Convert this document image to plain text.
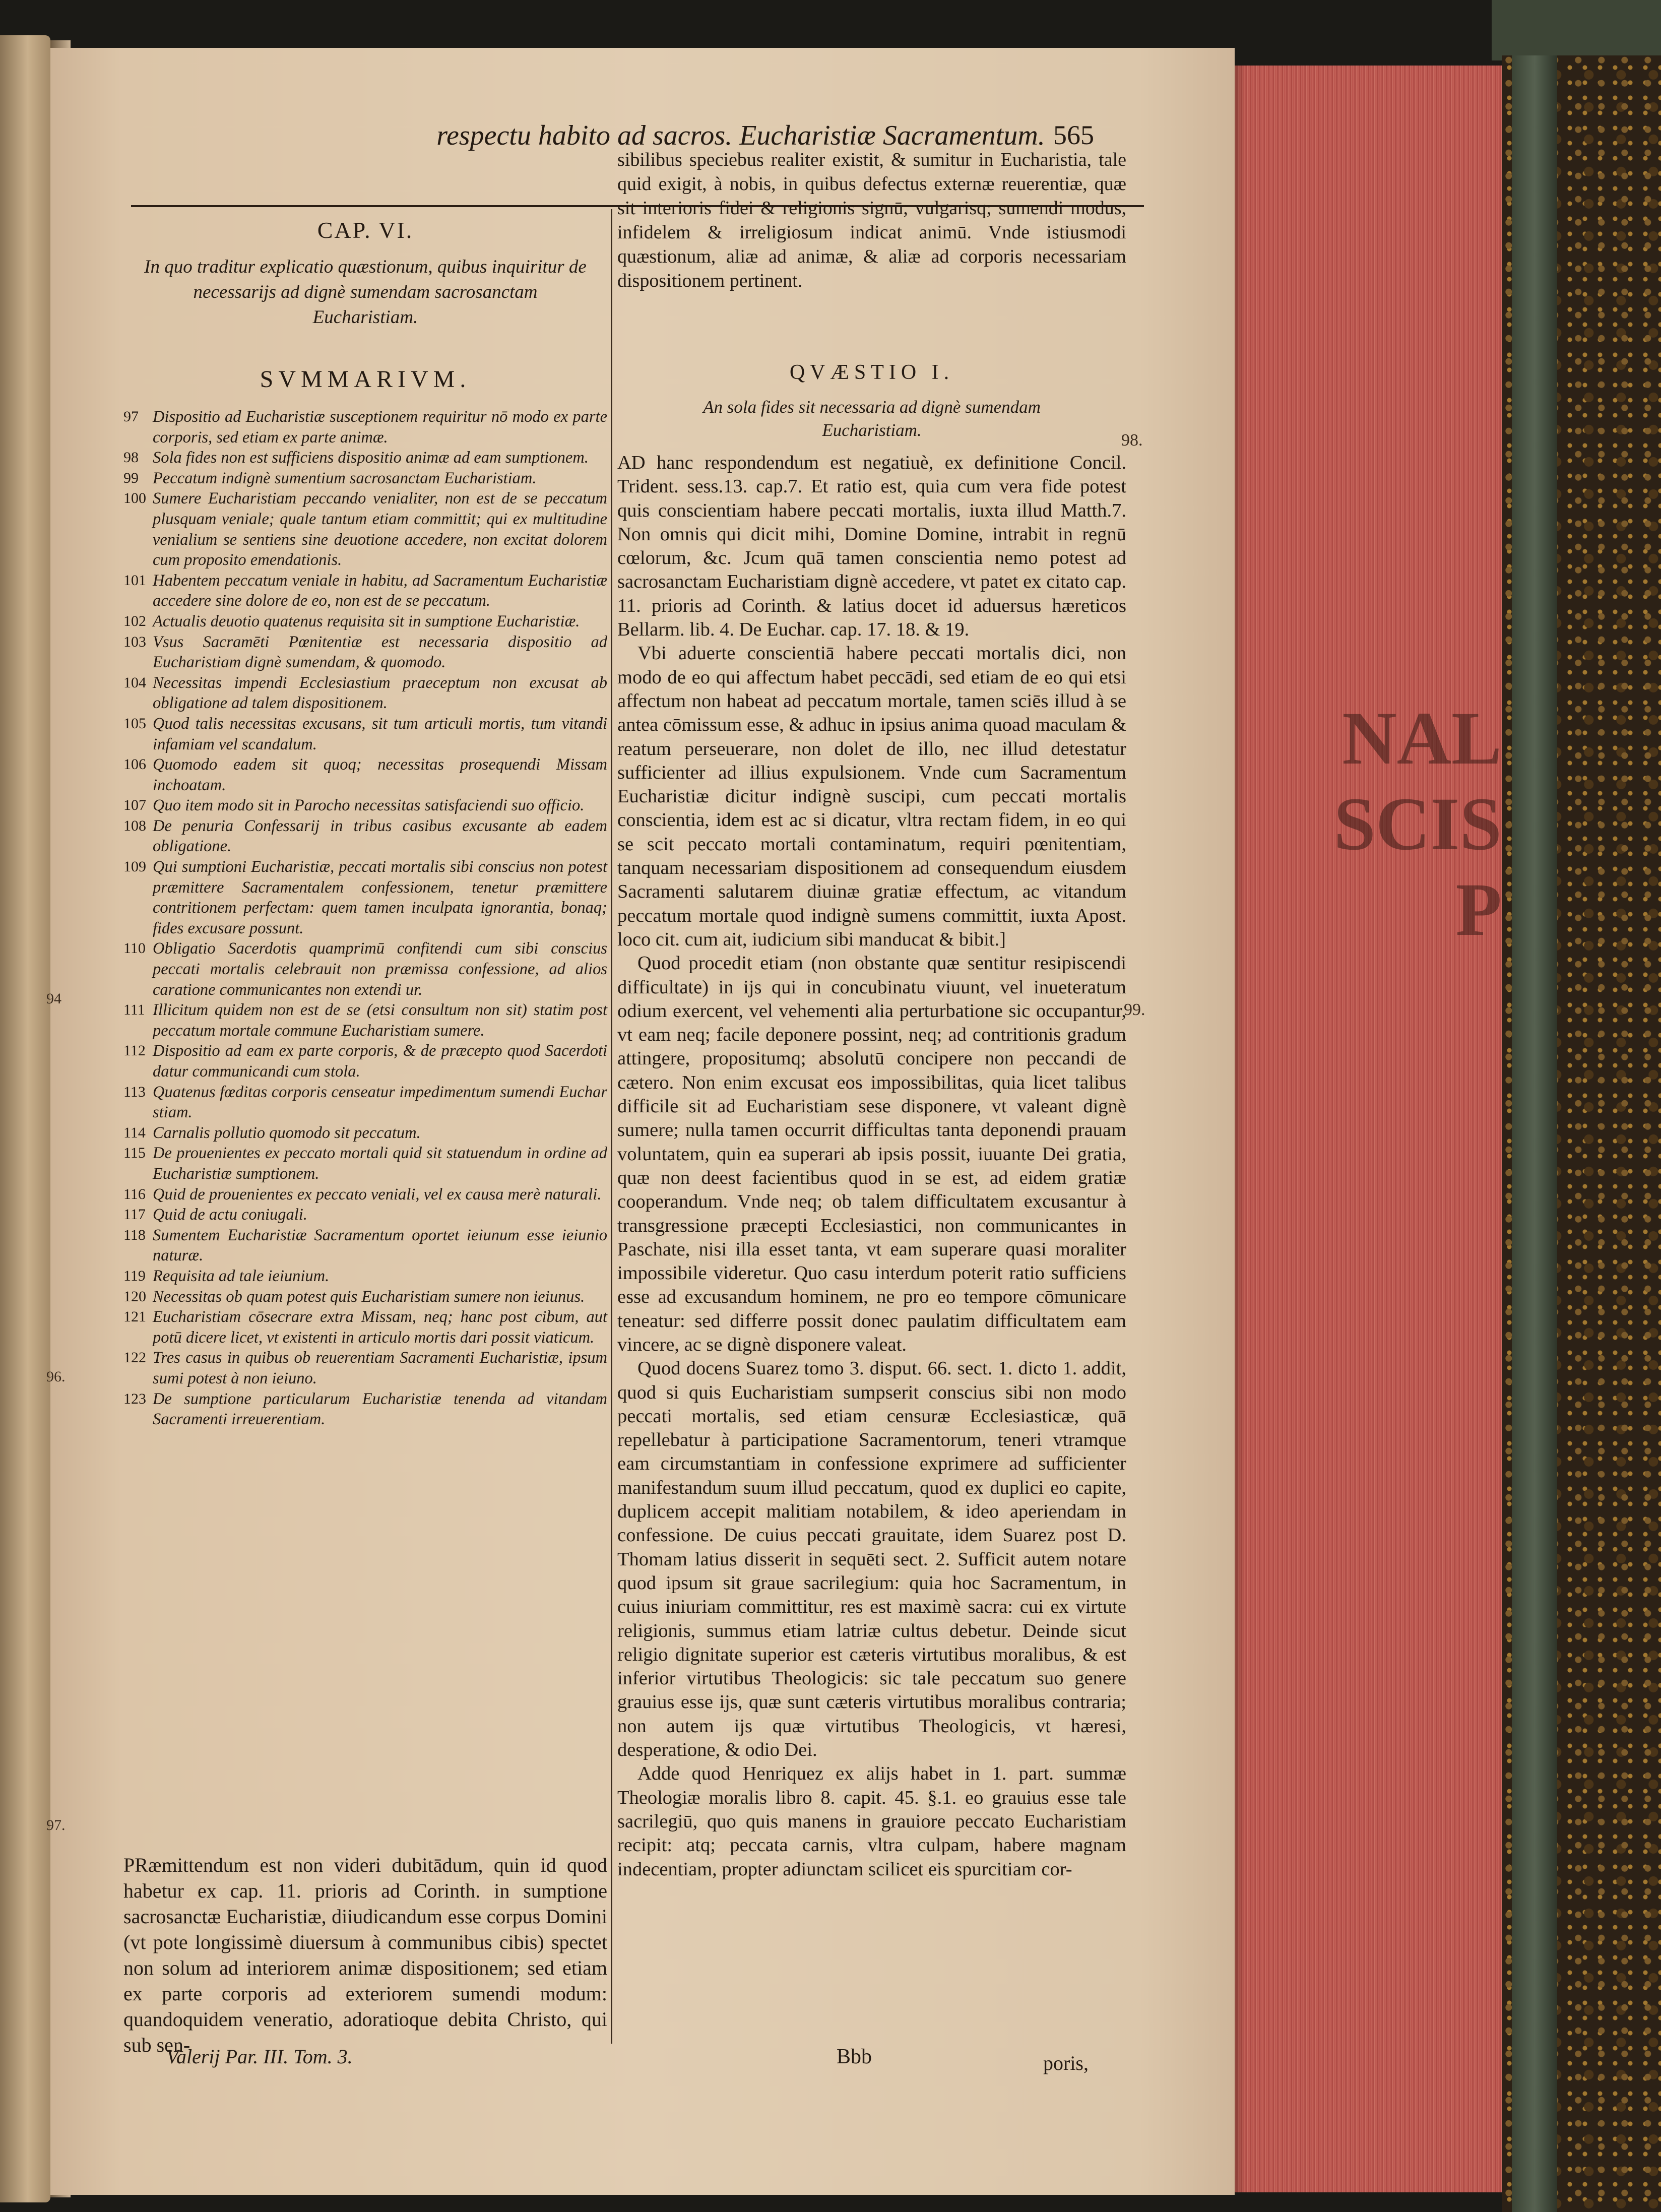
NAL
SCIS
P
respectu habito ad sacros. Eucharistiæ Sacramentum. 565
CAP. VI.
In quo traditur explicatio quæstionum, quibus inquiritur de necessarijs ad dignè sumendam sacrosanctam Eucharistiam.
SVMMARIVM.
97 Dispositio ad Eucharistiæ susceptionem requiritur nō modo ex parte corporis, sed etiam ex parte animæ.
98 Sola fides non est sufficiens dispositio animæ ad eam sumptionem.
99 Peccatum indignè sumentium sacrosanctam Eucharistiam.
100 Sumere Eucharistiam peccando venialiter, non est de se peccatum plusquam veniale; quale tantum etiam committit; qui ex multitudine venialium se sentiens sine deuotione accedere, non excitat dolorem cum proposito emendationis.
101 Habentem peccatum veniale in habitu, ad Sacramentum Eucharistiæ accedere sine dolore de eo, non est de se peccatum.
102 Actualis deuotio quatenus requisita sit in sumptione Eucharistiæ.
103 Vsus Sacramēti Pœnitentiæ est necessaria dispositio ad Eucharistiam dignè sumendam, & quomodo.
104 Necessitas impendi Ecclesiastium praeceptum non excusat ab obligatione ad talem dispositionem.
105 Quod talis necessitas excusans, sit tum articuli mortis, tum vitandi infamiam vel scandalum.
106 Quomodo eadem sit quoq; necessitas prosequendi Missam inchoatam.
107 Quo item modo sit in Parocho necessitas satisfaciendi suo officio.
108 De penuria Confessarij in tribus casibus excusante ab eadem obligatione.
109 Qui sumptioni Eucharistiæ, peccati mortalis sibi conscius non potest præmittere Sacramentalem confessionem, tenetur præmittere contritionem perfectam: quem tamen inculpata ignorantia, bonaq; fides excusare possunt.
110 Obligatio Sacerdotis quamprimū confitendi cum sibi conscius peccati mortalis celebrauit non præmissa confessione, ad alios caratione communicantes non extendi ur.
111 Illicitum quidem non est de se (etsi consultum non sit) statim post peccatum mortale commune Eucharistiam sumere.
112 Dispositio ad eam ex parte corporis, & de præcepto quod Sacerdoti datur communicandi cum stola.
113 Quatenus fœditas corporis censeatur impedimentum sumendi Euchar stiam.
114 Carnalis pollutio quomodo sit peccatum.
115 De prouenientes ex peccato mortali quid sit statuendum in ordine ad Eucharistiæ sumptionem.
116 Quid de prouenientes ex peccato veniali, vel ex causa merè naturali.
117 Quid de actu coniugali.
118 Sumentem Eucharistiæ Sacramentum oportet ieiunum esse ieiunio naturæ.
119 Requisita ad tale ieiunium.
120 Necessitas ob quam potest quis Eucharistiam sumere non ieiunus.
121 Eucharistiam cōsecrare extra Missam, neq; hanc post cibum, aut potū dicere licet, vt existenti in articulo mortis dari possit viaticum.
122 Tres casus in quibus ob reuerentiam Sacramenti Eucharistiæ, ipsum sumi potest à non ieiuno.
123 De sumptione particularum Eucharistiæ tenenda ad vitandam Sacramenti irreuerentiam.
PRæmittendum est non videri dubitādum, quin id quod habetur ex cap. 11. prioris ad Corinth. in sumptione sacrosanctæ Eucharistiæ, diiudicandum esse corpus Domini (vt pote longissimè diuersum à communibus cibis) spectet non solum ad interiorem animæ dispositionem; sed etiam ex parte corporis ad exteriorem sumendi modum: quandoquidem veneratio, adoratioque debita Christo, qui sub sen-
sibilibus speciebus realiter existit, & sumitur in Eucharistia, tale quid exigit, à nobis, in quibus defectus externæ reuerentiæ, quæ sit interioris fidei & religionis signū, vulgarisq; sumendi modus, infidelem & irreligiosum indicat animū. Vnde istiusmodi quæstionum, aliæ ad animæ, & aliæ ad corporis necessariam dispositionem pertinent.
QVÆSTIO I.
An sola fides sit necessaria ad dignè sumendam Eucharistiam.

AD hanc respondendum est negatiuè, ex definitione Concil. Trident. sess.13. cap.7. Et ratio est, quia cum vera fide potest quis conscientiam habere peccati mortalis, iuxta illud Matth.7. Non omnis qui dicit mihi, Domine Domine, intrabit in regnū cœlorum, &c. Jcum quā tamen conscientia nemo potest ad sacrosanctam Eucharistiam dignè accedere, vt patet ex citato cap. 11. prioris ad Corinth. & latius docet id aduersus hæreticos Bellarm. lib. 4. De Euchar. cap. 17. 18. & 19.

Vbi aduerte conscientiā habere peccati mortalis dici, non modo de eo qui affectum habet peccādi, sed etiam de eo qui etsi affectum non habeat ad peccatum mortale, tamen sciēs illud à se antea cōmissum esse, & adhuc in ipsius anima quoad maculam & reatum perseuerare, non dolet de illo, nec illud detestatur sufficienter ad illius expulsionem. Vnde cum Sacramentum Eucharistiæ dicitur indignè suscipi, cum peccati mortalis conscientia, idem est ac si dicatur, vltra rectam fidem, in eo qui se scit peccato mortali contaminatum, requiri pœnitentiam, tanquam necessariam dispositionem ad consequendum eiusdem Sacramenti salutarem diuinæ gratiæ effectum, ac vitandum peccatum mortale quod indignè sumens committit, iuxta Apost. loco cit. cum ait, iudicium sibi manducat & bibit.]

Quod procedit etiam (non obstante quæ sentitur resipiscendi difficultate) in ijs qui in concubinatu viuunt, vel inueteratum odium exercent, vel vehementi alia perturbatione sic occupantur, vt eam neq; facile deponere possint, neq; ad contritionis gradum attingere, propositumq; absolutū concipere non peccandi de cætero. Non enim excusat eos impossibilitas, quia licet talibus difficile sit ad Eucharistiam sese disponere, vt valeant dignè sumere; nulla tamen occurrit difficultas tanta deponendi prauam voluntatem, quin ea superari ab ipsis possit, iuuante Dei gratia, quæ non deest facientibus quod in se est, ad eidem gratiæ cooperandum. Vnde neq; ob talem difficultatem excusantur à transgressione præcepti Ecclesiastici, non communicantes in Paschate, nisi illa esset tanta, vt eam superare quasi moraliter impossibile videretur. Quo casu interdum poterit ratio sufficiens esse ad excusandum hominem, ne pro eo tempore cōmunicare teneatur: sed differre possit donec paulatim difficultatem eam vincere, ac se dignè disponere valeat.

Quod docens Suarez tomo 3. disput. 66. sect. 1. dicto 1. addit, quod si quis Eucharistiam sumpserit conscius sibi non modo peccati mortalis, sed etiam censuræ Ecclesiasticæ, quā repellebatur à participatione Sacramentorum, teneri vtramque eam circumstantiam in confessione exprimere ad sufficienter manifestandum suum illud peccatum, quod ex duplici eo capite, duplicem accepit malitiam notabilem, & ideo aperiendam in confessione. De cuius peccati grauitate, idem Suarez post D. Thomam latius disserit in sequēti sect. 2. Sufficit autem notare quod ipsum sit graue sacrilegium: quia hoc Sacramentum, in cuius iniuriam committitur, res est maximè sacra: cui ex virtute religionis, summus etiam latriæ cultus debetur. Deinde sicut religio dignitate superior est cæteris virtutibus moralibus, & est inferior virtutibus Theologicis: sic tale peccatum suo genere grauius esse ijs, quæ sunt cæteris virtutibus moralibus contraria; non autem ijs quæ virtutibus Theologicis, vt hæresi, desperatione, & odio Dei.

Adde quod Henriquez ex alijs habet in 1. part. summæ Theologiæ moralis libro 8. capit. 45. §.1. eo grauius esse tale sacrilegiū, quo quis manens in grauiore peccato Eucharistiam recipit: atq; peccata carnis, vltra culpam, habere magnam indecentiam, propter adiunctam scilicet eis spurcitiam cor-

98.
99.
97.
94
96.
Valerij Par. III. Tom. 3.	Bbb	poris,
